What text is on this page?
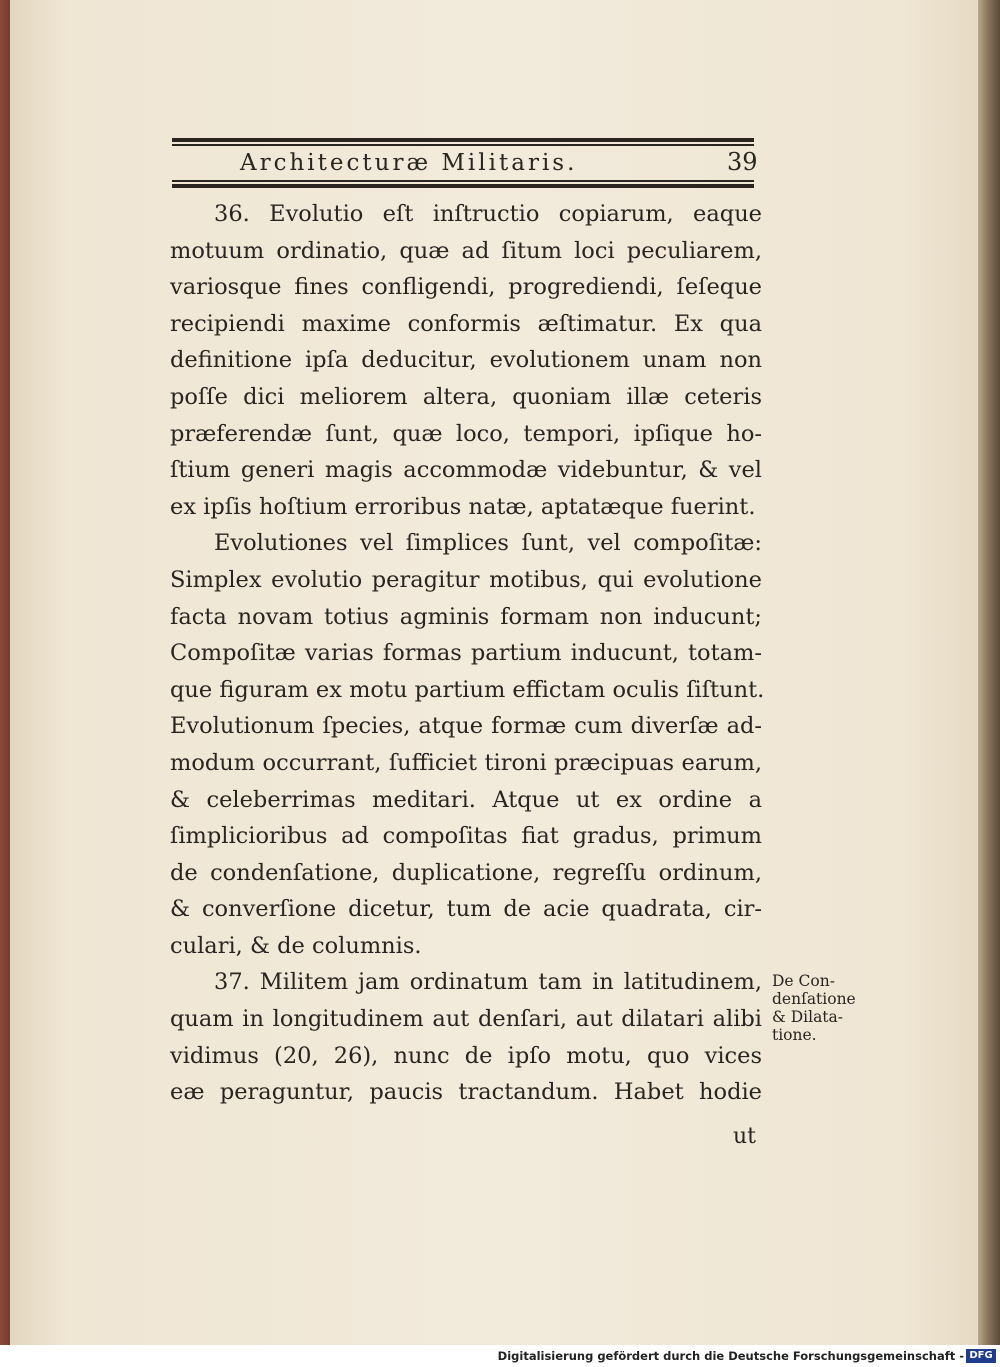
Architecturæ Militaris.	39
36. Evolutio eſt inſtructio copiarum, eaque
motuum ordinatio, quæ ad ſitum loci peculiarem,
variosque fines confligendi, progrediendi, ſeſeque
recipiendi maxime conformis æſtimatur. Ex qua
definitione ipſa deducitur, evolutionem unam non
poſſe dici meliorem altera, quoniam illæ ceteris
præferendæ ſunt, quæ loco, tempori, ipſique ho-
ſtium generi magis accommodæ videbuntur, & vel
ex ipſis hoſtium erroribus natæ, aptatæque fuerint.
Evolutiones vel ſimplices ſunt, vel compoſitæ:
Simplex evolutio peragitur motibus, qui evolutione
facta novam totius agminis formam non inducunt;
Compoſitæ varias formas partium inducunt, totam-
que figuram ex motu partium effictam oculis ſiſtunt.
Evolutionum ſpecies, atque formæ cum diverſæ ad-
modum occurrant, ſufficiet tironi præcipuas earum,
& celeberrimas meditari. Atque ut ex ordine a
ſimplicioribus ad compoſitas fiat gradus, primum
de condenſatione, duplicatione, regreſſu ordinum,
& converſione dicetur, tum de acie quadrata, cir-
culari, & de columnis.
37. Militem jam ordinatum tam in latitudinem,
quam in longitudinem aut denſari, aut dilatari alibi
vidimus (20, 26), nunc de ipſo motu, quo vices
eæ peraguntur, paucis tractandum. Habet hodie
ut
De Con-
denſatione
& Dilata-
tione.
Digitalisierung gefördert durch die Deutsche Forschungsgemeinschaft - DFG
